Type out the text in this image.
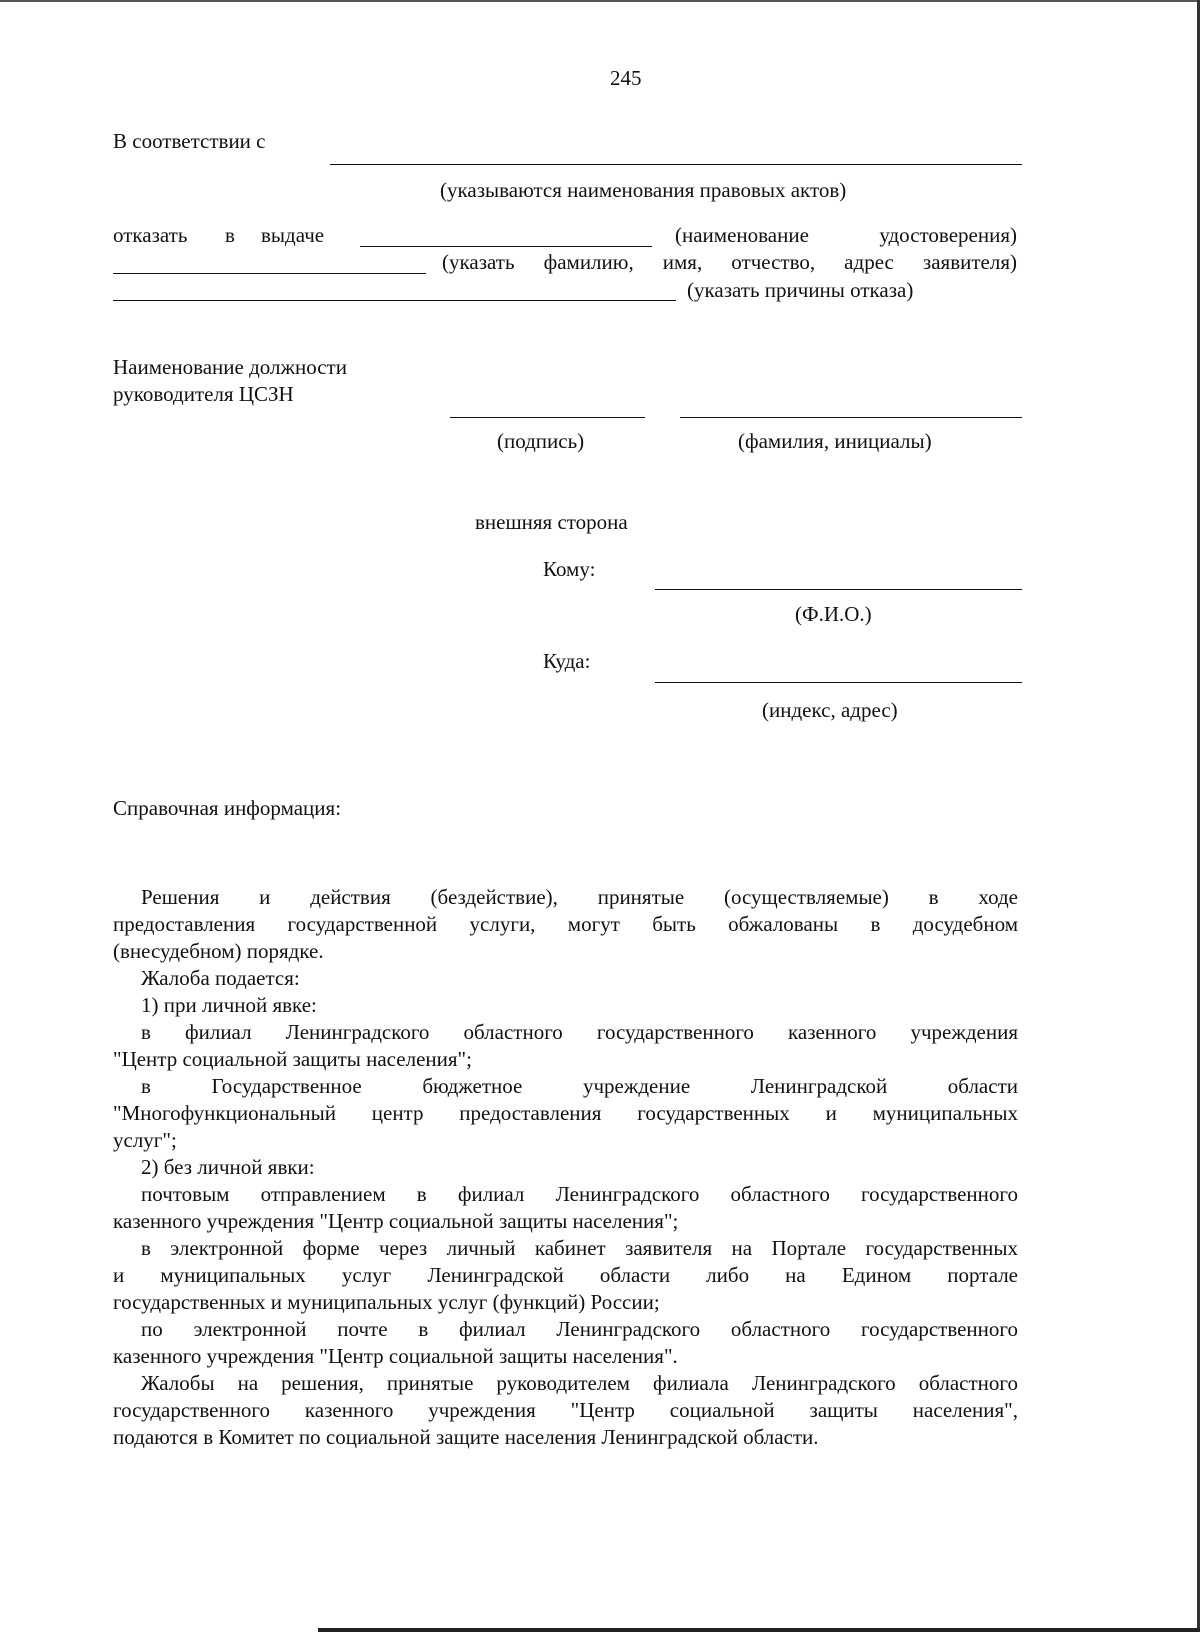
245
В соответствии с
(указываются наименования правовых актов)
отказать в выдаче	(наименование удостоверения)
(указать фамилию, имя, отчество, адрес заявителя)
(указать причины отказа)
Наименование должности
руководителя ЦСЗН
(подпись)	(фамилия, инициалы)
внешняя сторона
Кому:
(Ф.И.О.)
Куда:
(индекс, адрес)
Справочная информация:
Решения и действия (бездействие), принятые (осуществляемые) в ходе
предоставления государственной услуги, могут быть обжалованы в досудебном
(внесудебном) порядке.
Жалоба подается:
1) при личной явке:
в филиал Ленинградского областного государственного казенного учреждения
"Центр социальной защиты населения";
в Государственное бюджетное учреждение Ленинградской области
"Многофункциональный центр предоставления государственных и муниципальных
услуг";
2) без личной явки:
почтовым отправлением в филиал Ленинградского областного государственного
казенного учреждения "Центр социальной защиты населения";
в электронной форме через личный кабинет заявителя на Портале государственных
и муниципальных услуг Ленинградской области либо на Едином портале
государственных и муниципальных услуг (функций) России;
по электронной почте в филиал Ленинградского областного государственного
казенного учреждения "Центр социальной защиты населения".
Жалобы на решения, принятые руководителем филиала Ленинградского областного
государственного казенного учреждения "Центр социальной защиты населения",
подаются в Комитет по социальной защите населения Ленинградской области.
